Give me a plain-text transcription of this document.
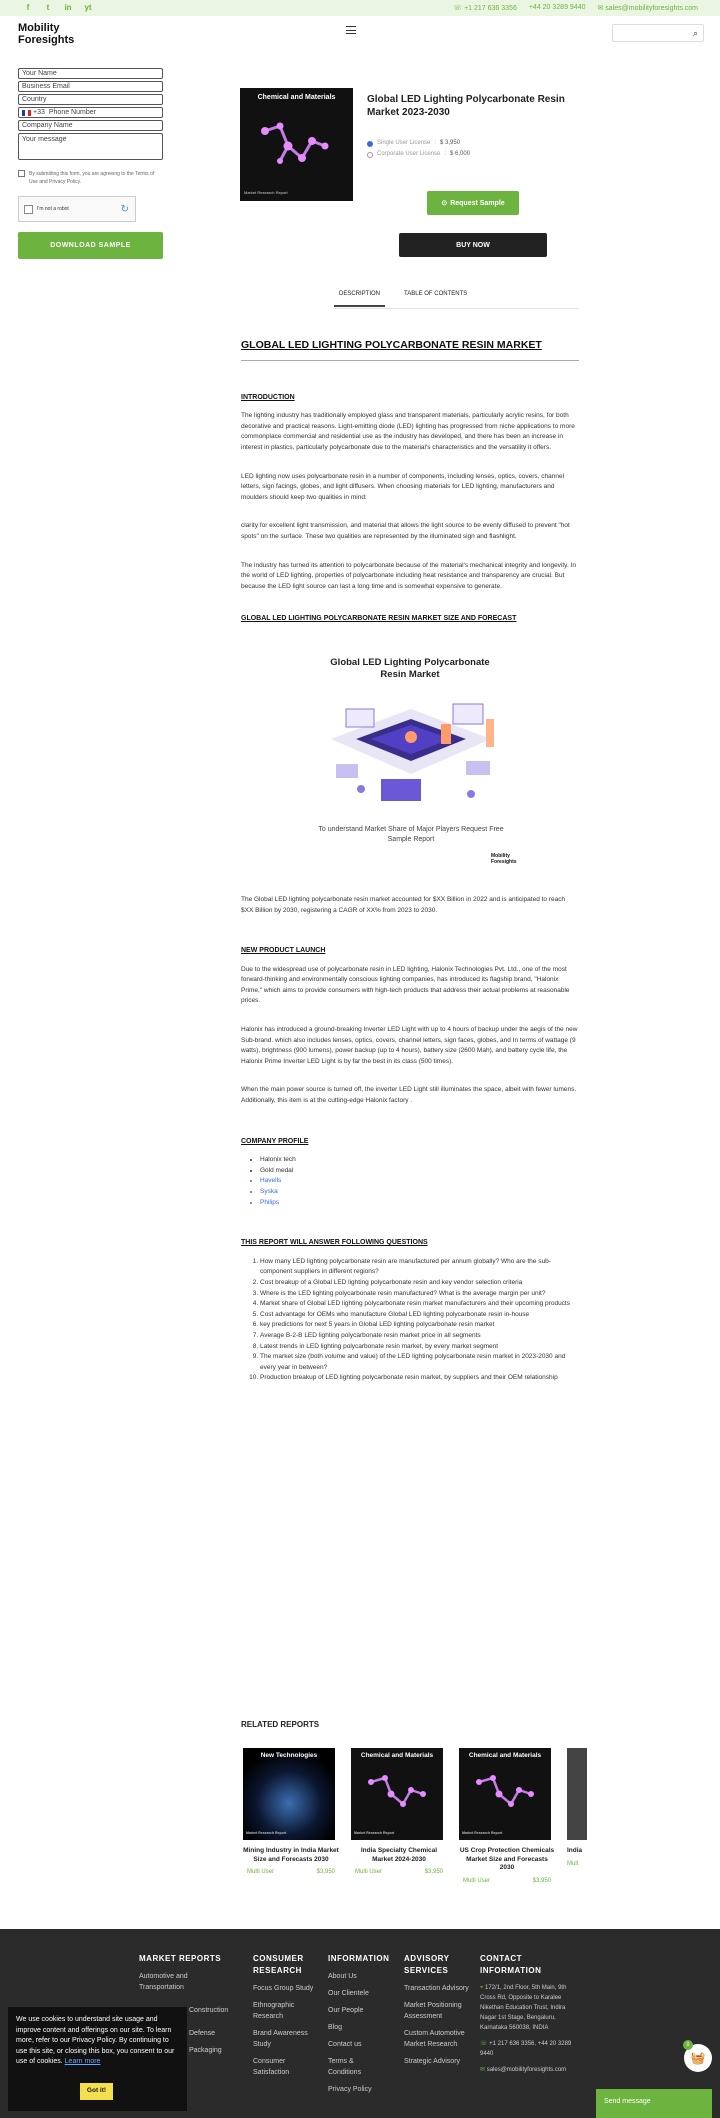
f	t	in	yt	☏ +1 217 636 3356 +44 20 3289 9440 ✉ sales@mobilityforesights.com
Mobility
Foresights
⌕
Your Name
Business Email
Country
+33 Phone Number
Company Name
Your message
By submitting this form, you are agreeing to the Terms of Use and Privacy Policy.
I'm not a robot	↻
DOWNLOAD SAMPLE
Chemical and Materials
Market Research Report
Global LED Lighting Polycarbonate Resin Market 2023-2030
Single User License : $ 3,950
Corporate User License : $ 6,000
⊙ Request Sample
BUY NOW
DESCRIPTION	TABLE OF CONTENTS
GLOBAL LED LIGHTING POLYCARBONATE RESIN MARKET
INTRODUCTION

The lighting industry has traditionally employed glass and transparent materials, particularly acrylic resins, for both decorative and practical reasons. Light-emitting diode (LED) lighting has progressed from niche applications to more commonplace commercial and residential use as the industry has developed, and there has been an increase in interest in plastics, particularly polycarbonate due to the material's characteristics and the versatility it offers.

LED lighting now uses polycarbonate resin in a number of components, including lenses, optics, covers, channel letters, sign facings, globes, and light diffusers. When choosing materials for LED lighting, manufacturers and moulders should keep two qualities in mind:

clarity for excellent light transmission, and material that allows the light source to be evenly diffused to prevent "hot spots" on the surface. These two qualities are represented by the illuminated sign and flashlight.

The industry has turned its attention to polycarbonate because of the material's mechanical integrity and longevity. In the world of LED lighting, properties of polycarbonate including heat resistance and transparency are crucial. But because the LED light source can last a long time and is somewhat expensive to generate.

GLOBAL LED LIGHTING POLYCARBONATE RESIN MARKET SIZE AND FORECAST
Global LED Lighting Polycarbonate Resin Market
To understand Market Share of Major Players Request Free Sample Report
Mobility
Foresights

The Global LED lighting polycarbonate resin market accounted for $XX Billion in 2022 and is anticipated to reach $XX Billion by 2030, registering a CAGR of XX% from 2023 to 2030.

NEW PRODUCT LAUNCH

Due to the widespread use of polycarbonate resin in LED lighting, Halonix Technologies Pvt. Ltd., one of the most forward-thinking and environmentally conscious lighting companies, has introduced its flagship brand, "Halonix Prime," which aims to provide consumers with high-tech products that address their actual problems at reasonable prices.

Halonix has introduced a ground-breaking Inverter LED Light with up to 4 hours of backup under the aegis of the new Sub-brand. which also includes lenses, optics, covers, channel letters, sign faces, globes, and In terms of wattage (9 watts), brightness (900 lumens), power backup (up to 4 hours), battery size (2600 Mah), and battery cycle life, the Halonix Prime Inverter LED Light is by far the best in its class (500 times).

When the main power source is turned off, the inverter LED Light still illuminates the space, albeit with fewer lumens. Additionally, this item is at the cutting-edge Halonix factory .

COMPANY PROFILE
• Halonix tech
• Gold medal
• Havells
• Syska
• Philips
THIS REPORT WILL ANSWER FOLLOWING QUESTIONS
1. How many LED lighting polycarbonate resin are manufactured per annum globally? Who are the sub-component suppliers in different regions?
2. Cost breakup of a Global LED lighting polycarbonate resin and key vendor selection criteria
3. Where is the LED lighting polycarbonate resin manufactured? What is the average margin per unit?
4. Market share of Global LED lighting polycarbonate resin market manufacturers and their upcoming products
5. Cost advantage for OEMs who manufacture Global LED lighting polycarbonate resin in-house
6. key predictions for next 5 years in Global LED lighting polycarbonate resin market
7. Average B-2-B LED lighting polycarbonate resin market price in all segments
8. Latest trends in LED lighting polycarbonate resin market, by every market segment
9. The market size (both volume and value) of the LED lighting polycarbonate resin market in 2023-2030 and every year in between?
10. Production breakup of LED lighting polycarbonate resin market, by suppliers and their OEM relationship
RELATED REPORTS
New Technologies
Market Research Report
Mining Industry in India Market Size and Forecasts 2030
Multi User	$3,950
Chemical and Materials
Market Research Report
India Specialty Chemical Market 2024-2030
Multi User	$3,950
Chemical and Materials
Market Research Report
US Crop Protection Chemicals Market Size and Forecasts 2030
Multi User	$3,950
India
Mult
MARKET REPORTS
Automotive and Transportation
Construction
Defense
Packaging
CONSUMER RESEARCH
Focus Group Study
Ethnographic Research
Brand Awareness Study
Consumer Satisfaction
INFORMATION
About Us
Our Clientele
Our People
Blog
Contact us
Terms & Conditions
Privacy Policy
ADVISORY SERVICES
Transaction Advisory
Market Positioning Assessment
Custom Automotive Market Research
Strategic Advisory
CONTACT INFORMATION
⌖ 172/1, 2nd Floor, 5th Main, 9th Cross Rd, Opposite to Karalee Nikethan Education Trust, Indira Nagar 1st Stage, Bengaluru, Karnataka 560038, INDIA
☏ +1 217 636 3356, +44 20 3289 9440
✉ sales@mobilityforesights.com
We use cookies to understand site usage and improve content and offerings on our site. To learn more, refer to our Privacy Policy. By continuing to use this site, or closing this box, you consent to our use of cookies. Learn more
Got it!
🧺
0
Send message
